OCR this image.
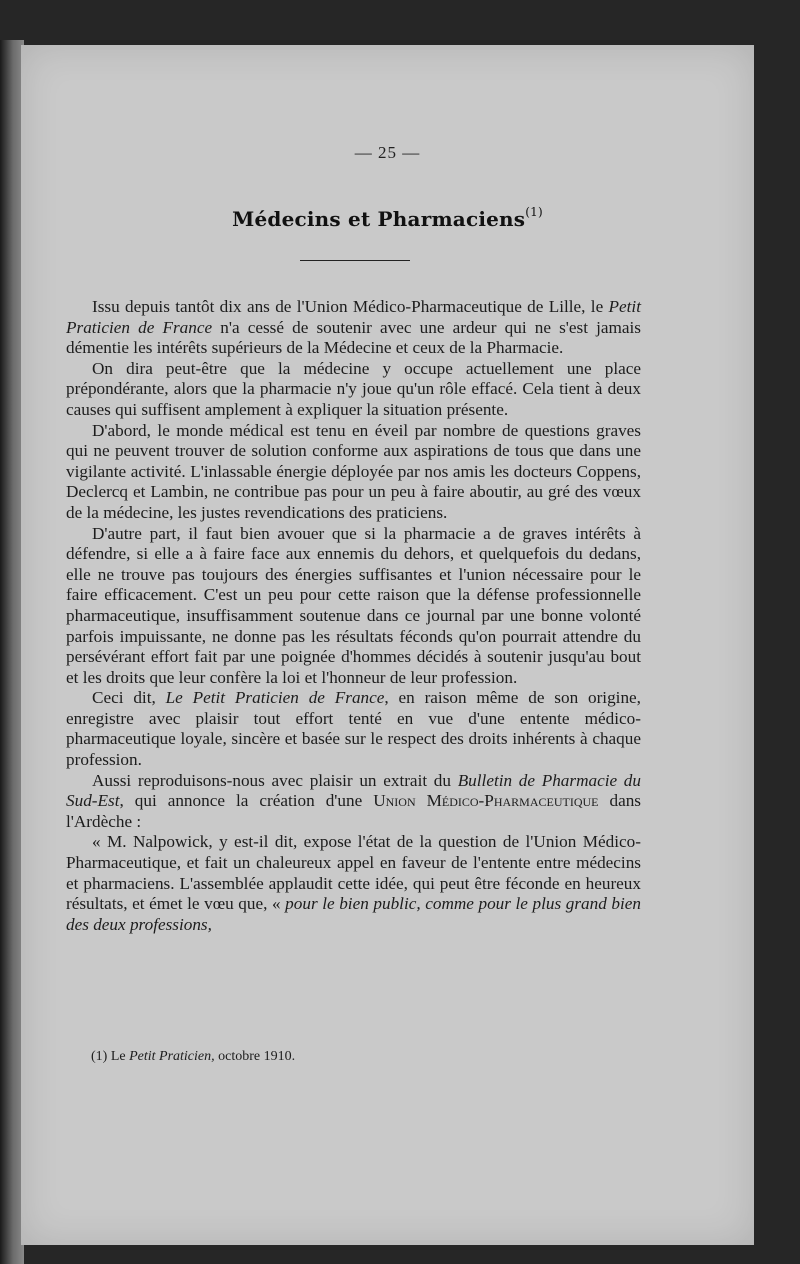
— 25 —
Médecins et Pharmaciens$^{(1)}$

Issu depuis tantôt dix ans de l'Union Médico-Pharmaceutique de Lille, le Petit Praticien de France n'a cessé de soutenir avec une ardeur qui ne s'est jamais démentie les intérêts supérieurs de la Médecine et ceux de la Pharmacie.

On dira peut-être que la médecine y occupe actuellement une place prépondérante, alors que la pharmacie n'y joue qu'un rôle effacé. Cela tient à deux causes qui suffisent amplement à expliquer la situation présente.

D'abord, le monde médical est tenu en éveil par nombre de questions graves qui ne peuvent trouver de solution conforme aux aspirations de tous que dans une vigilante activité. L'inlassable énergie déployée par nos amis les docteurs Coppens, Declercq et Lambin, ne contribue pas pour un peu à faire aboutir, au gré des vœux de la médecine, les justes revendications des praticiens.

D'autre part, il faut bien avouer que si la pharmacie a de graves intérêts à défendre, si elle a à faire face aux ennemis du dehors, et quelquefois du dedans, elle ne trouve pas toujours des énergies suffisantes et l'union nécessaire pour le faire efficacement. C'est un peu pour cette raison que la défense professionnelle pharmaceutique, insuffisamment soutenue dans ce journal par une bonne volonté parfois impuissante, ne donne pas les résultats féconds qu'on pourrait attendre du persévérant effort fait par une poignée d'hommes décidés à soutenir jusqu'au bout et les droits que leur confère la loi et l'honneur de leur profession.

Ceci dit, Le Petit Praticien de France, en raison même de son origine, enregistre avec plaisir tout effort tenté en vue d'une entente médico-pharmaceutique loyale, sincère et basée sur le respect des droits inhérents à chaque profession.

Aussi reproduisons-nous avec plaisir un extrait du Bulletin de Pharmacie du Sud-Est, qui annonce la création d'une Union Médico-Pharmaceutique dans l'Ardèche :

« M. Nalpowick, y est-il dit, expose l'état de la question de l'Union Médico-Pharmaceutique, et fait un chaleureux appel en faveur de l'entente entre médecins et pharmaciens. L'assemblée applaudit cette idée, qui peut être féconde en heureux résultats, et émet le vœu que, « pour le bien public, comme pour le plus grand bien des deux professions,

(1) Le Petit Praticien, octobre 1910.
